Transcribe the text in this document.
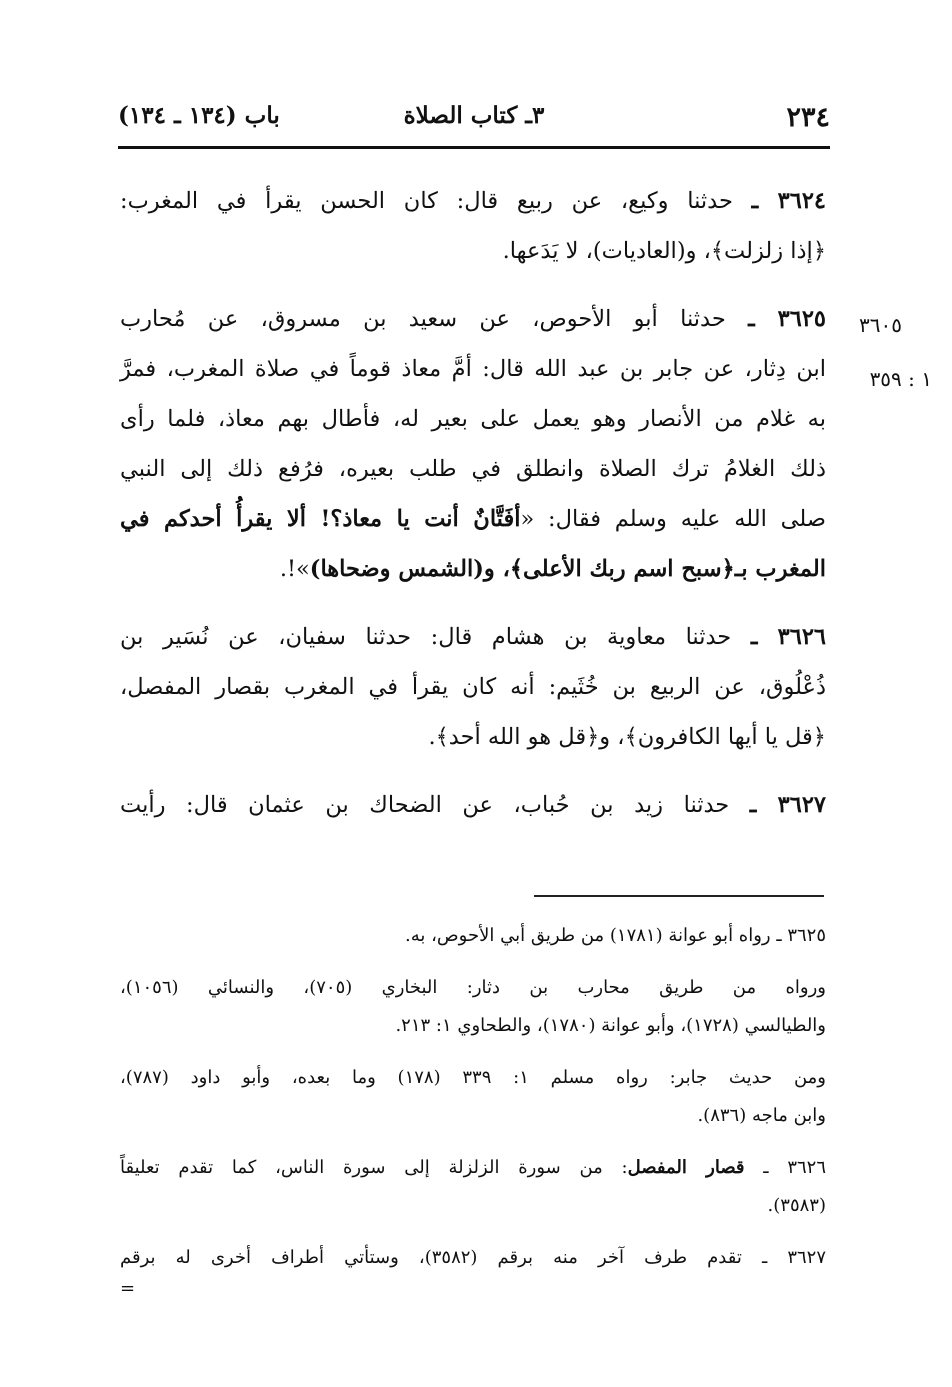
٢٣٤
٣ـ كتاب الصلاة
باب (١٣٤ ـ ١٣٤)
٣٦٠٥
١ : ٣٥٩
٣٦٢٤ ـ حدثنا وكيع، عن ربيع قال: كان الحسن يقرأ في المغرب:
﴿إذا زلزلت﴾، و(العاديات)، لا يَدَعها.
٣٦٢٥ ـ حدثنا أبو الأحوص، عن سعيد بن مسروق، عن مُحارب
ابن دِثار، عن جابر بن عبد الله قال: أمَّ معاذ قوماً في صلاة المغرب، فمرَّ
به غلام من الأنصار وهو يعمل على بعير له، فأطال بهم معاذ، فلما رأى
ذلك الغلامُ ترك الصلاة وانطلق في طلب بعيره، فرُفع ذلك إلى النبي
صلى الله عليه وسلم فقال: «أفَتَّانٌ أنت يا معاذ؟! ألا يقرأُ أحدكم في
المغرب بـ﴿سبح اسم ربك الأعلى﴾، و(الشمس وضحاها)»!.
٣٦٢٦ ـ حدثنا معاوية بن هشام قال: حدثنا سفيان، عن نُسَير بن
ذُعْلُوق، عن الربيع بن خُثَيم: أنه كان يقرأ في المغرب بقصار المفصل،
﴿قل يا أيها الكافرون﴾، و﴿قل هو الله أحد﴾.
٣٦٢٧ ـ حدثنا زيد بن حُباب، عن الضحاك بن عثمان قال: رأيت
٣٦٢٥ ـ رواه أبو عوانة (١٧٨١) من طريق أبي الأحوص، به.
ورواه من طريق محارب بن دثار: البخاري (٧٠٥)، والنسائي (١٠٥٦)،
والطيالسي (١٧٢٨)، وأبو عوانة (١٧٨٠)، والطحاوي ١: ٢١٣.
ومن حديث جابر: رواه مسلم ١: ٣٣٩ (١٧٨) وما بعده، وأبو داود (٧٨٧)،
وابن ماجه (٨٣٦).
٣٦٢٦ ـ قصار المفصل: من سورة الزلزلة إلى سورة الناس، كما تقدم تعليقاً
(٣٥٨٣).
٣٦٢٧ ـ تقدم طرف آخر منه برقم (٣٥٨٢)، وستأتي أطراف أخرى له برقم
=
